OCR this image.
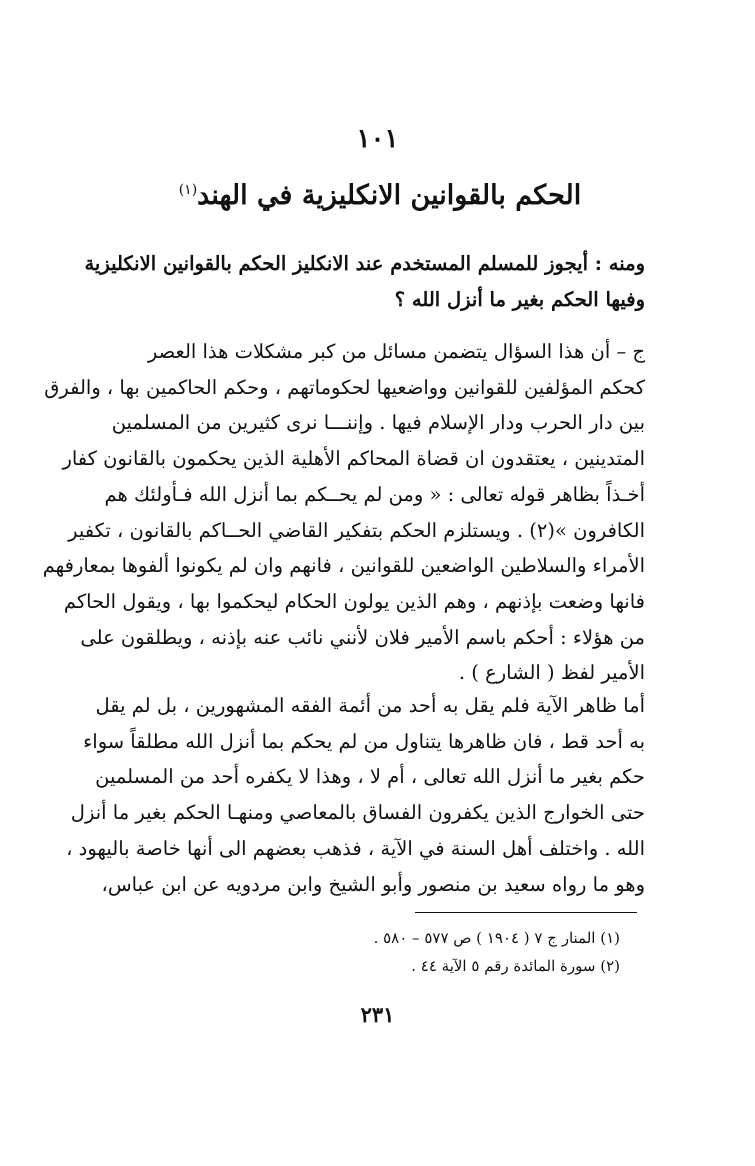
١٠١
الحكم بالقوانين الانكليزية في الهند$^{(١)}$
ومنه : أيجوز للمسلم المستخدم عند الانكليز الحكم بالقوانين الانكليزية
وفيها الحكم بغير ما أنزل الله ؟
ج – أن هذا السؤال يتضمن مسائل من كبر مشكلات هذا العصر
كحكم المؤلفين للقوانين وواضعيها لحكوماتهم ، وحكم الحاكمين بها ، والفرق
بين دار الحرب ودار الإسلام فيها . وإننـــا نرى كثيرين من المسلمين
المتدينين ، يعتقدون ان قضاة المحاكم الأهلية الذين يحكمون بالقانون كفار
أخـذاً بظاهر قوله تعالى : « ومن لم يحــكم بما أنزل الله فـأولئك هم
الكافرون »(٢) . ويستلزم الحكم بتفكير القاضي الحــاكم بالقانون ، تكفير
الأمراء والسلاطين الواضعين للقوانين ، فانهم وان لم يكونوا ألفوها بمعارفهم
فانها وضعت بإذنهم ، وهم الذين يولون الحكام ليحكموا بها ، ويقول الحاكم
من هؤلاء : أحكم باسم الأمير فلان لأنني نائب عنه بإذنه ، ويطلقون على
الأمير لفظ ( الشارع ) .
أما ظاهر الآية فلم يقل به أحد من أئمة الفقه المشهورين ، بل لم يقل
به أحد قط ، فان ظاهرها يتناول من لم يحكم بما أنزل الله مطلقاً سواء
حكم بغير ما أنزل الله تعالى ، أم لا ، وهذا لا يكفره أحد من المسلمين
حتى الخوارج الذين يكفرون الفساق بالمعاصي ومنهـا الحكم بغير ما أنزل
الله . واختلف أهل السنة في الآية ، فذهب بعضهم الى أنها خاصة باليهود ،
وهو ما رواه سعيد بن منصور وأبو الشيخ وابن مردويه عن ابن عباس،
(١) المنار ج ٧ ( ١٩٠٤ ) ص ٥٧٧ – ٥٨٠ .
(٢) سورة المائدة رقم ٥ الآية ٤٤ .
٢٣١
